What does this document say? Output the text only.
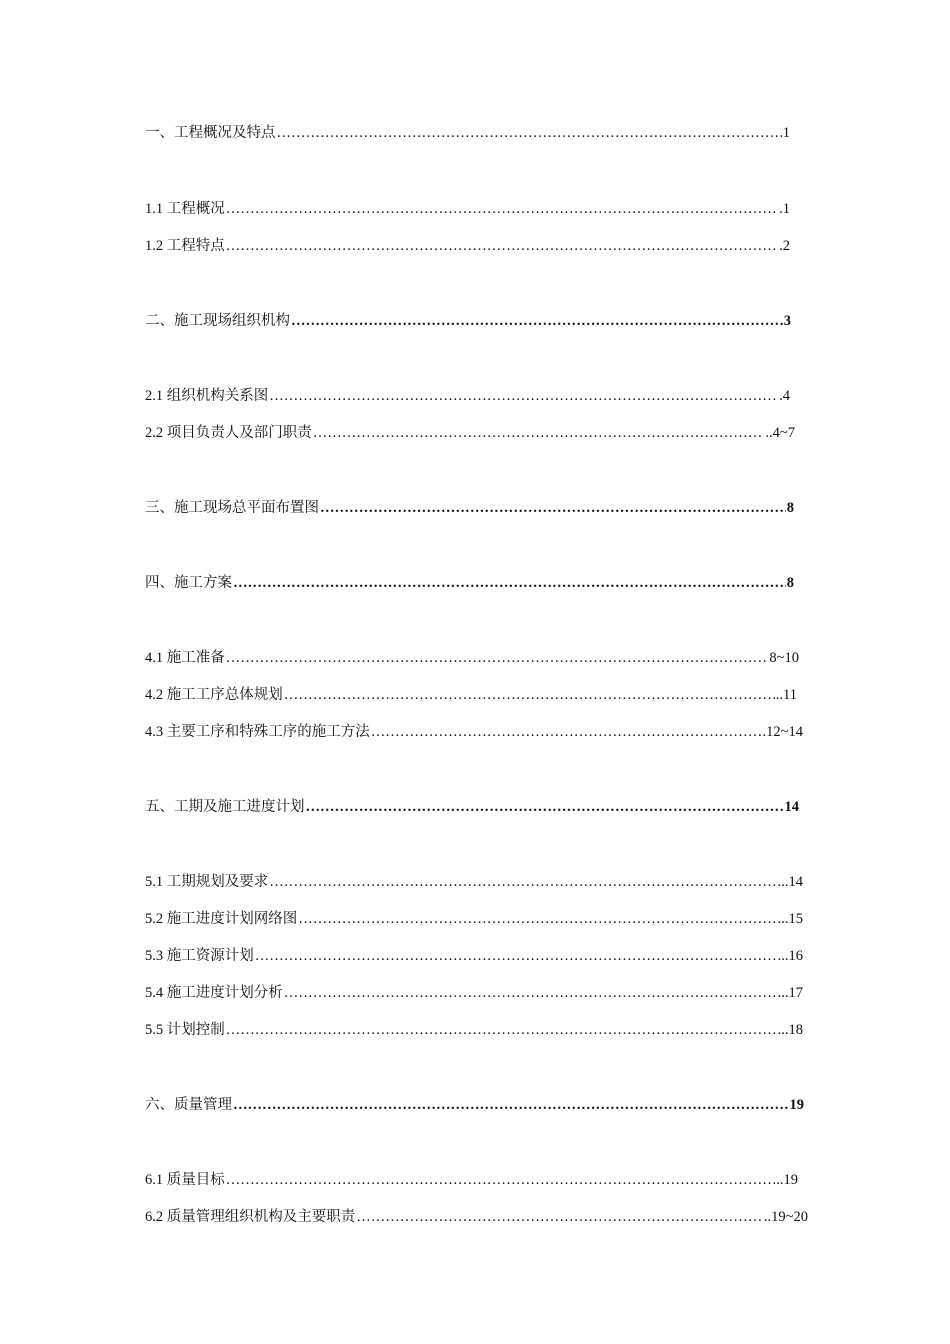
一、工程概况及特点 ………………………………………………………………………………………………………………………………………………………………	1
1.1 工程概况 ………………………………………………………………………………………………………………………………………………………………	.1
1.2 工程特点 ………………………………………………………………………………………………………………………………………………………………	.2
二、施工现场组织机构 ………………………………………………………………………………………………………………………………………………………………	3
2.1 组织机构关系图 ………………………………………………………………………………………………………………………………………………………………	.4
2.2 项目负责人及部门职责 ………………………………………………………………………………………………………………………………………………………………	..4~7
三、施工现场总平面布置图 ………………………………………………………………………………………………………………………………………………………………	8
四、施工方案 ………………………………………………………………………………………………………………………………………………………………	8
4.1 施工准备 ………………………………………………………………………………………………………………………………………………………………	8~10
4.2 施工工序总体规划 ………………………………………………………………………………………………………………………………………………………………	..11
4.3 主要工序和特殊工序的施工方法 ………………………………………………………………………………………………………………………………………………………………	.12~14
五、工期及施工进度计划 ………………………………………………………………………………………………………………………………………………………………	14
5.1 工期规划及要求 ………………………………………………………………………………………………………………………………………………………………	...14
5.2 施工进度计划网络图 ………………………………………………………………………………………………………………………………………………………………	...15
5.3 施工资源计划 ………………………………………………………………………………………………………………………………………………………………	...16
5.4 施工进度计划分析 ………………………………………………………………………………………………………………………………………………………………	...17
5.5 计划控制 ………………………………………………………………………………………………………………………………………………………………	...18
六、质量管理 ………………………………………………………………………………………………………………………………………………………………	19
6.1 质量目标 ………………………………………………………………………………………………………………………………………………………………	..19
6.2 质量管理组织机构及主要职责 ………………………………………………………………………………………………………………………………………………………………	..19~20
